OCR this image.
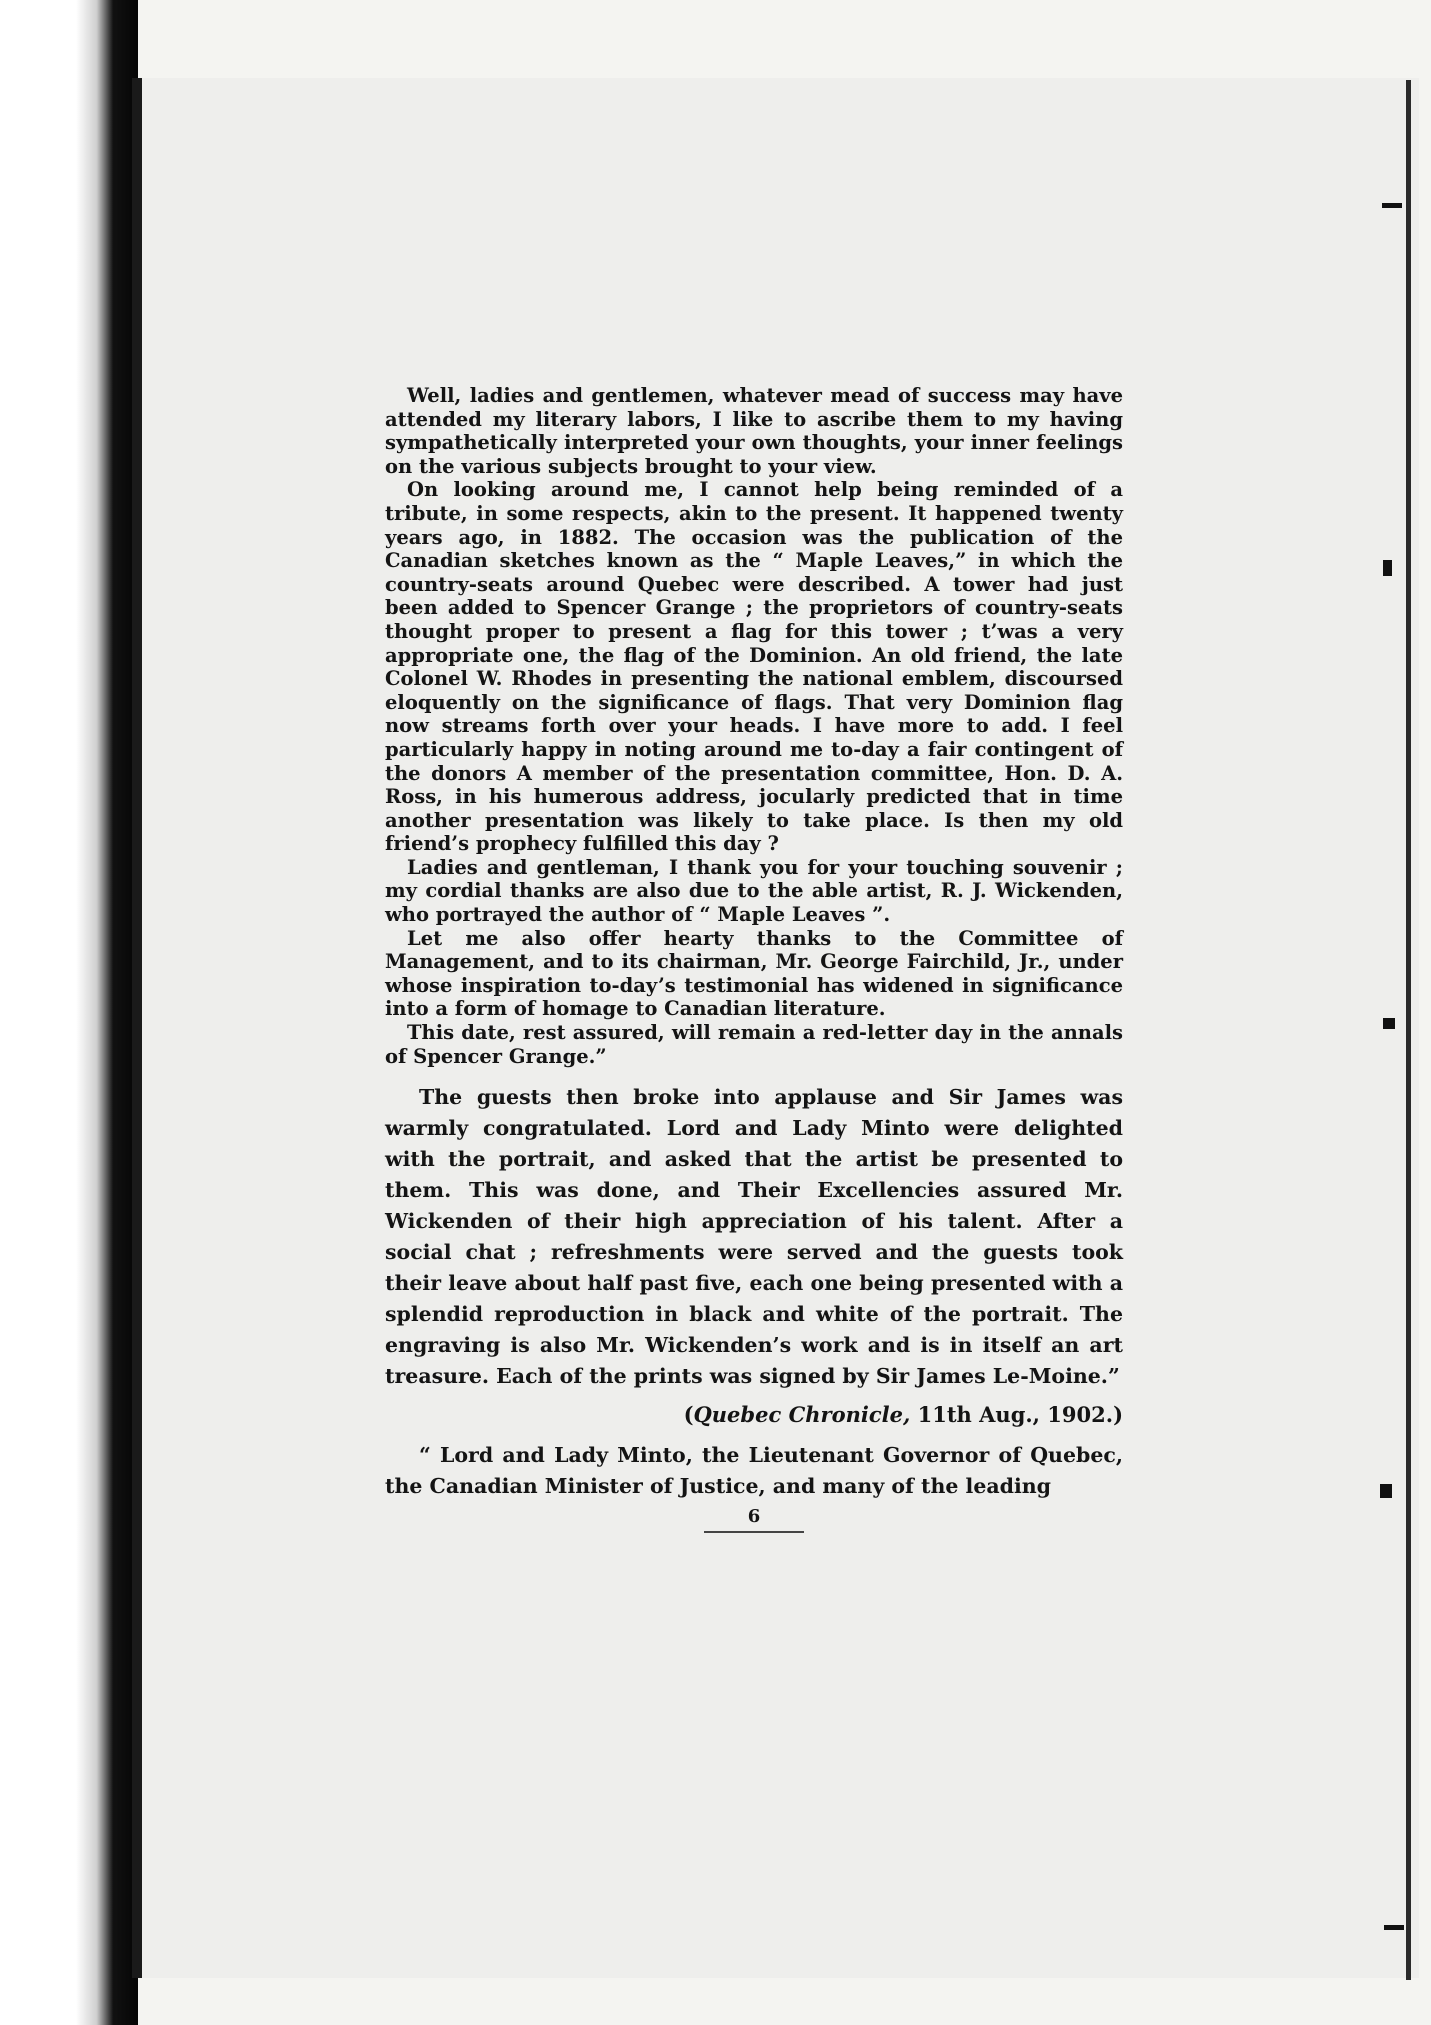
Well, ladies and gentlemen, whatever mead of success may have attended my literary labors, I like to ascribe them to my having sympathetically interpreted your own thoughts, your inner feelings on the various subjects brought to your view.

On looking around me, I cannot help being reminded of a tribute, in some respects, akin to the present. It happened twenty years ago, in 1882. The occasion was the publication of the Canadian sketches known as the “ Maple Leaves,” in which the country-seats around Quebec were described. A tower had just been added to Spencer Grange ; the proprietors of country-seats thought proper to present a flag for this tower ; t’was a very appropriate one, the flag of the Dominion. An old friend, the late Colonel W. Rhodes in presenting the national emblem, discoursed eloquently on the significance of flags. That very Dominion flag now streams forth over your heads. I have more to add. I feel particularly happy in noting around me to-day a fair contingent of the donors A member of the presentation committee, Hon. D. A. Ross, in his humerous address, jocularly predicted that in time another presentation was likely to take place. Is then my old friend’s prophecy fulfilled this day ?

Ladies and gentleman, I thank you for your touching souvenir ; my cordial thanks are also due to the able artist, R. J. Wickenden, who portrayed the author of “ Maple Leaves ”.

Let me also offer hearty thanks to the Committee of Management, and to its chairman, Mr. George Fairchild, Jr., under whose inspiration to-day’s testimonial has widened in significance into a form of homage to Canadian literature.

This date, rest assured, will remain a red-letter day in the annals of Spencer Grange.”

The guests then broke into applause and Sir James was warmly congratulated. Lord and Lady Minto were delighted with the portrait, and asked that the artist be presented to them. This was done, and Their Excellencies assured Mr. Wickenden of their high appreciation of his talent. After a social chat ; refreshments were served and the guests took their leave about half past five, each one being presented with a splendid reproduction in black and white of the portrait. The engraving is also Mr. Wickenden’s work and is in itself an art treasure. Each of the prints was signed by Sir James Le-Moine.”

(Quebec Chronicle, 11th Aug., 1902.)

“ Lord and Lady Minto, the Lieutenant Governor of Quebec, the Canadian Minister of Justice, and many of the leading

6
